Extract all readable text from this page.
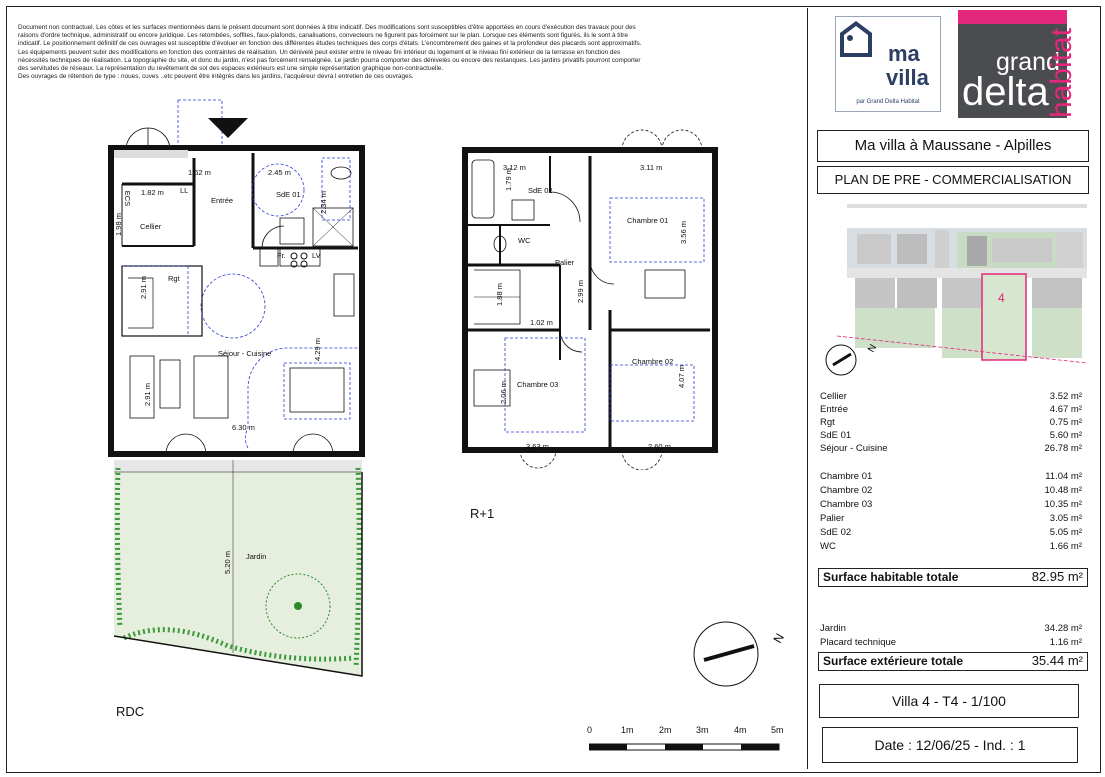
Document non contractuel. Les côtes et les surfaces mentionnées dans le présent document sont données à titre indicatif. Des modifications sont susceptibles d'être apportées en cours d'exécution des travaux pour des
raisons d'ordre technique, administratif ou encore juridique. Les retombées, soffites, faux-plafonds, canalisations, convecteurs ne figurent pas forcément sur le plan. Lorsque ces éléments sont figurés, ils le sont à titre
indicatif. Le positionnement définitif de ces ouvrages est susceptible d'évoluer en fonction des différentes études techniques des corps d'états. L'encombrement des gaines et la profondeur des placards sont approximatifs.
Les équipements peuvent subir des modifications en fonction des contraintes de réalisation. Un dénivelé peut exister entre le niveau fini intérieur du logement et le niveau fini extérieur de la terrasse en fonction des
nécessités techniques de réalisation. La topographie du site, et donc du jardin, n'est pas forcément renseignée. Le jardin pourra comporter des dénivelés ou encore des restanques. Les jardins privatifs pourront comporter
des servitudes de réseaux. La représentation du revêtement de sol des espaces extérieurs est une simple représentation graphique non-contractuelle.
Des ouvrages de rétention de type : noues, cuves ..etc peuvent être intégrés dans les jardins, l'acquéreur devra l entretien de ces ouvrages.
ma
villa
par Grand Delta Habitat
grand
delta
habitat
Ma villa à Maussane - Alpilles
PLAN DE PRE - COMMERCIALISATION
4
N
Cellier	3.52 m²
Entrée	4.67 m²
Rgt	0.75 m²
SdE 01	5.60 m²
Séjour - Cuisine	26.78 m²
Chambre 01	11.04 m²
Chambre 02	10.48 m²
Chambre 03	10.35 m²
Palier	3.05 m²
SdE 02	5.05 m²
WC	1.66 m²
Jardin	34.28 m²
Placard technique	1.16 m²
Surface habitable totale	82.95 m²
Surface extérieure totale	35.44 m²
Villa 4 - T4 - 1/100
Date : 12/06/25 - Ind. : 1
1.62 m	2.45 m
1.82 m LL
ECS	Entrée
SdE 01 2.34 m
Cellier
1.98 m
Fr.	LV
Rgt
2.91 m
Séjour - Cuisine	4.29 m
2.91 m
6.30 m
5.20 m Jardin
RDC
3.12 m	3.11 m
SdE 02
1.79 m
Chambre 01
3.56 m
WC
Palier
2.99 m
1.02 m
1.88 m
Chambre 02
4.07 m
Chambre 03
2.06 m
3.63 m	2.60 m
R+1
N
0	1m	2m	3m	4m	5m
